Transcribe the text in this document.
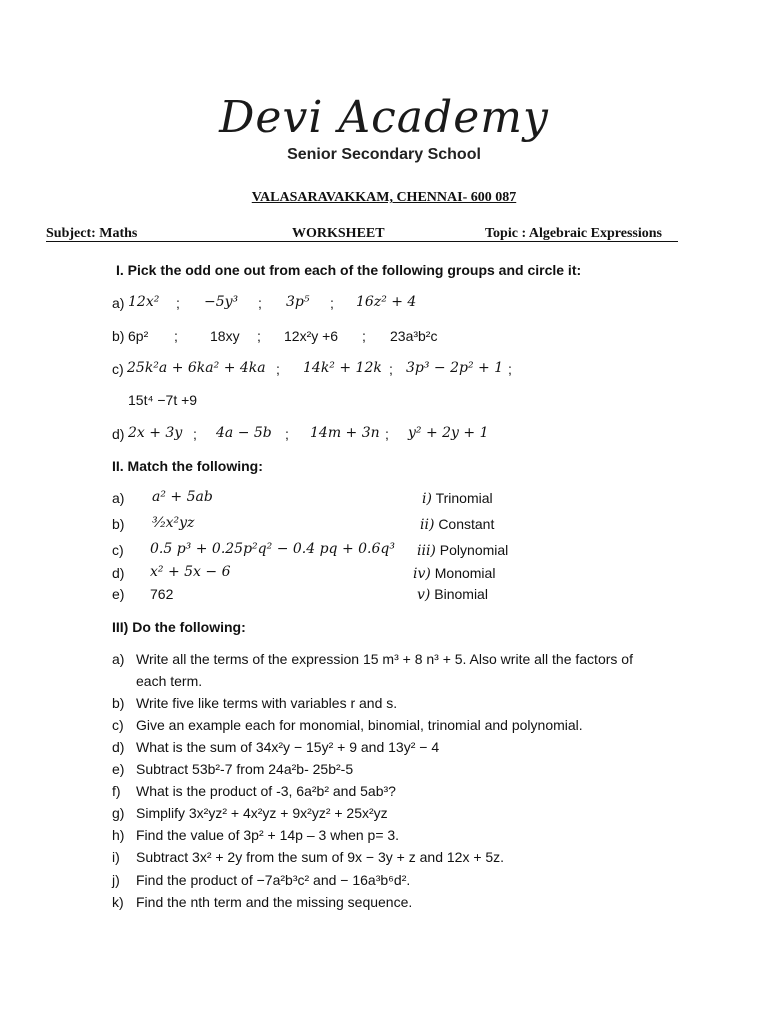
Devi Academy
Senior Secondary School
VALASARAVAKKAM, CHENNAI- 600 087
Subject: Maths	WORKSHEET	Topic : Algebraic Expressions
I. Pick the odd one out from each of the following groups and circle it:
a) 12x² ; −5y³ ; 3p⁵ ; 16z² + 4
b) 6p² ; 18xy ; 12x²y +6 ; 23a³b²c
c) 25k²a + 6ka² + 4ka ; 14k² + 12k ; 3p³ − 2p² + 1 ;
15t⁴ −7t +9
d) 2x + 3y ; 4a − 5b ; 14m + 3n ; y² + 2y + 1
II. Match the following:
a) a² + 5ab
b) ³⁄₂x²yz
c) 0.5 p³ + 0.25p²q² − 0.4 pq + 0.6q³
d) x² + 5x − 6
e) 762
i) Trinomial
ii) Constant
iii) Polynomial
iv) Monomial
v) Binomial
III) Do the following:
a) Write all the terms of the expression 15 m³ + 8 n³ + 5. Also write all the factors of
each term.
b) Write five like terms with variables r and s.
c) Give an example each for monomial, binomial, trinomial and polynomial.
d) What is the sum of 34x²y − 15y² + 9 and 13y² − 4
e) Subtract 53b²-7 from 24a²b- 25b²-5
f) What is the product of -3, 6a²b² and 5ab³?
g) Simplify 3x²yz² + 4x²yz + 9x²yz² + 25x²yz
h) Find the value of 3p² + 14p – 3 when p= 3.
i) Subtract 3x² + 2y from the sum of 9x − 3y + z and 12x + 5z.
j) Find the product of −7a²b³c² and − 16a³b⁶d².
k) Find the nth term and the missing sequence.
